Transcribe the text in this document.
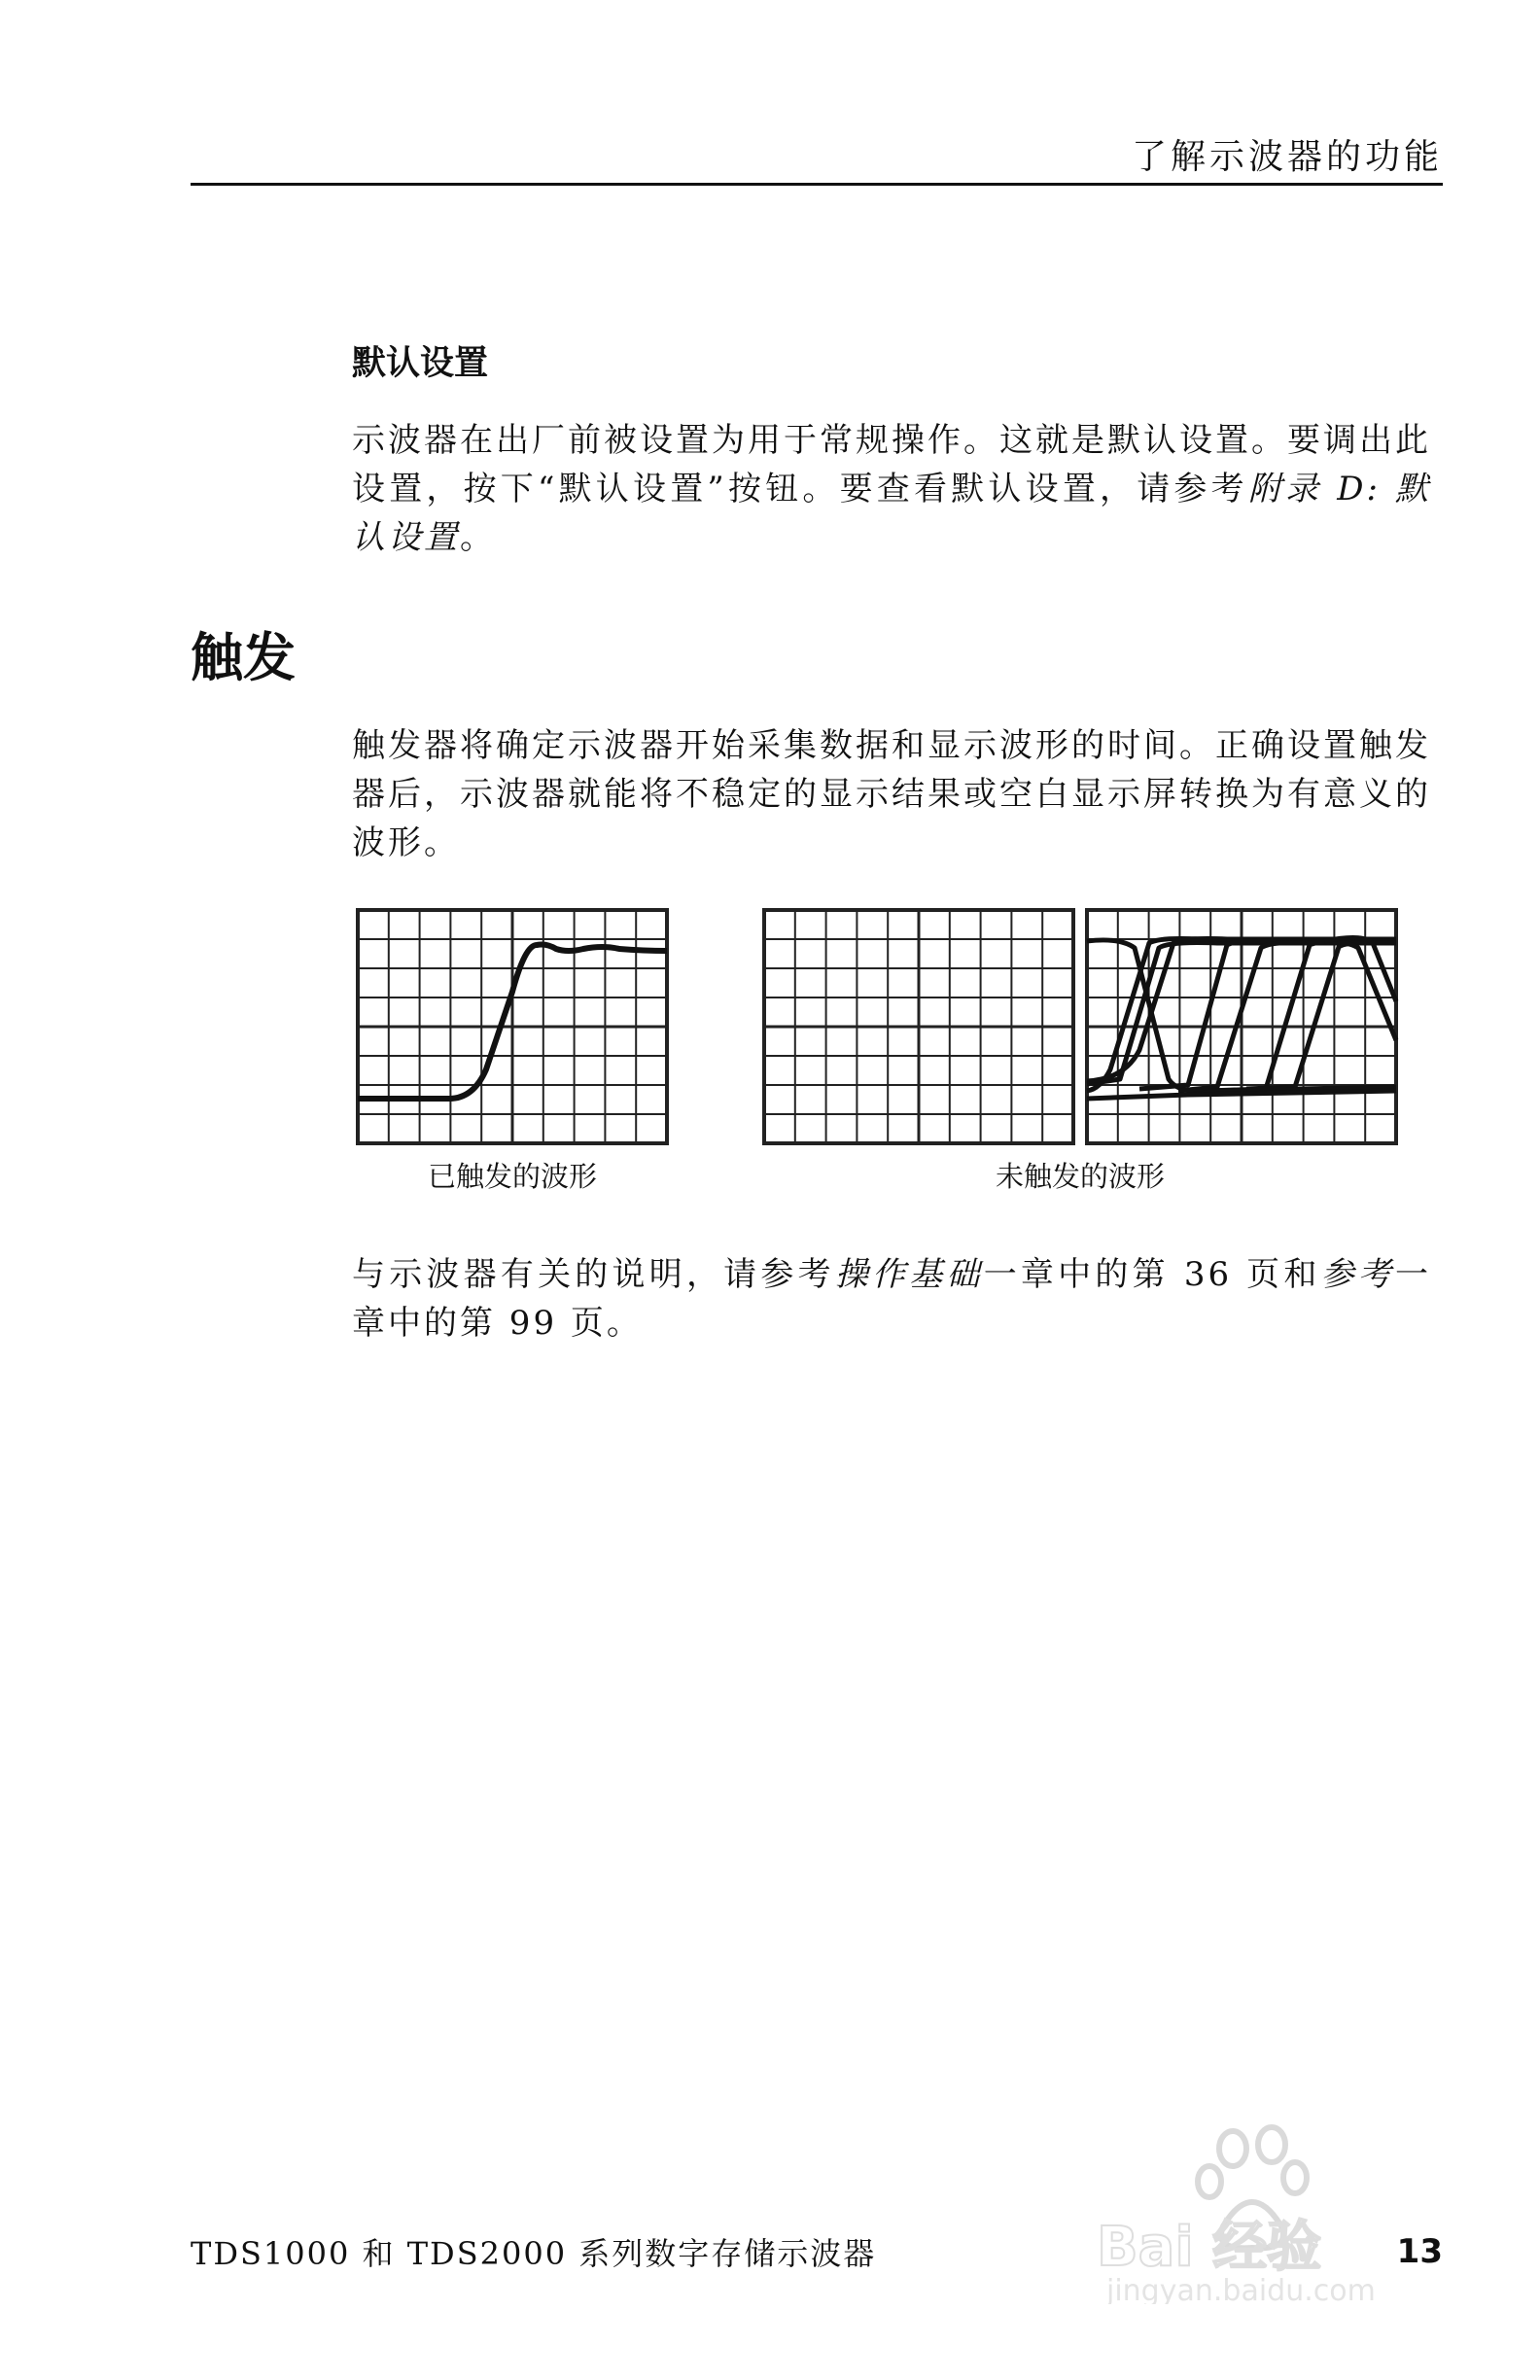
了解示波器的功能
默认设置

示波器在出厂前被设置为用于常规操作。这就是默认设置。要调出此设置，按下“默认设置”按钮。要查看默认设置，请参考附录 D: 默认设置。

触发

触发器将确定示波器开始采集数据和显示波形的时间。正确设置触发器后，示波器就能将不稳定的显示结果或空白显示屏转换为有意义的波形。

已触发的波形	未触发的波形

与示波器有关的说明，请参考操作基础一章中的第 36 页和参考一章中的第 99 页。

TDS1000 和 TDS2000 系列数字存储示波器	13
Bai 经验
jingyan.baidu.com
